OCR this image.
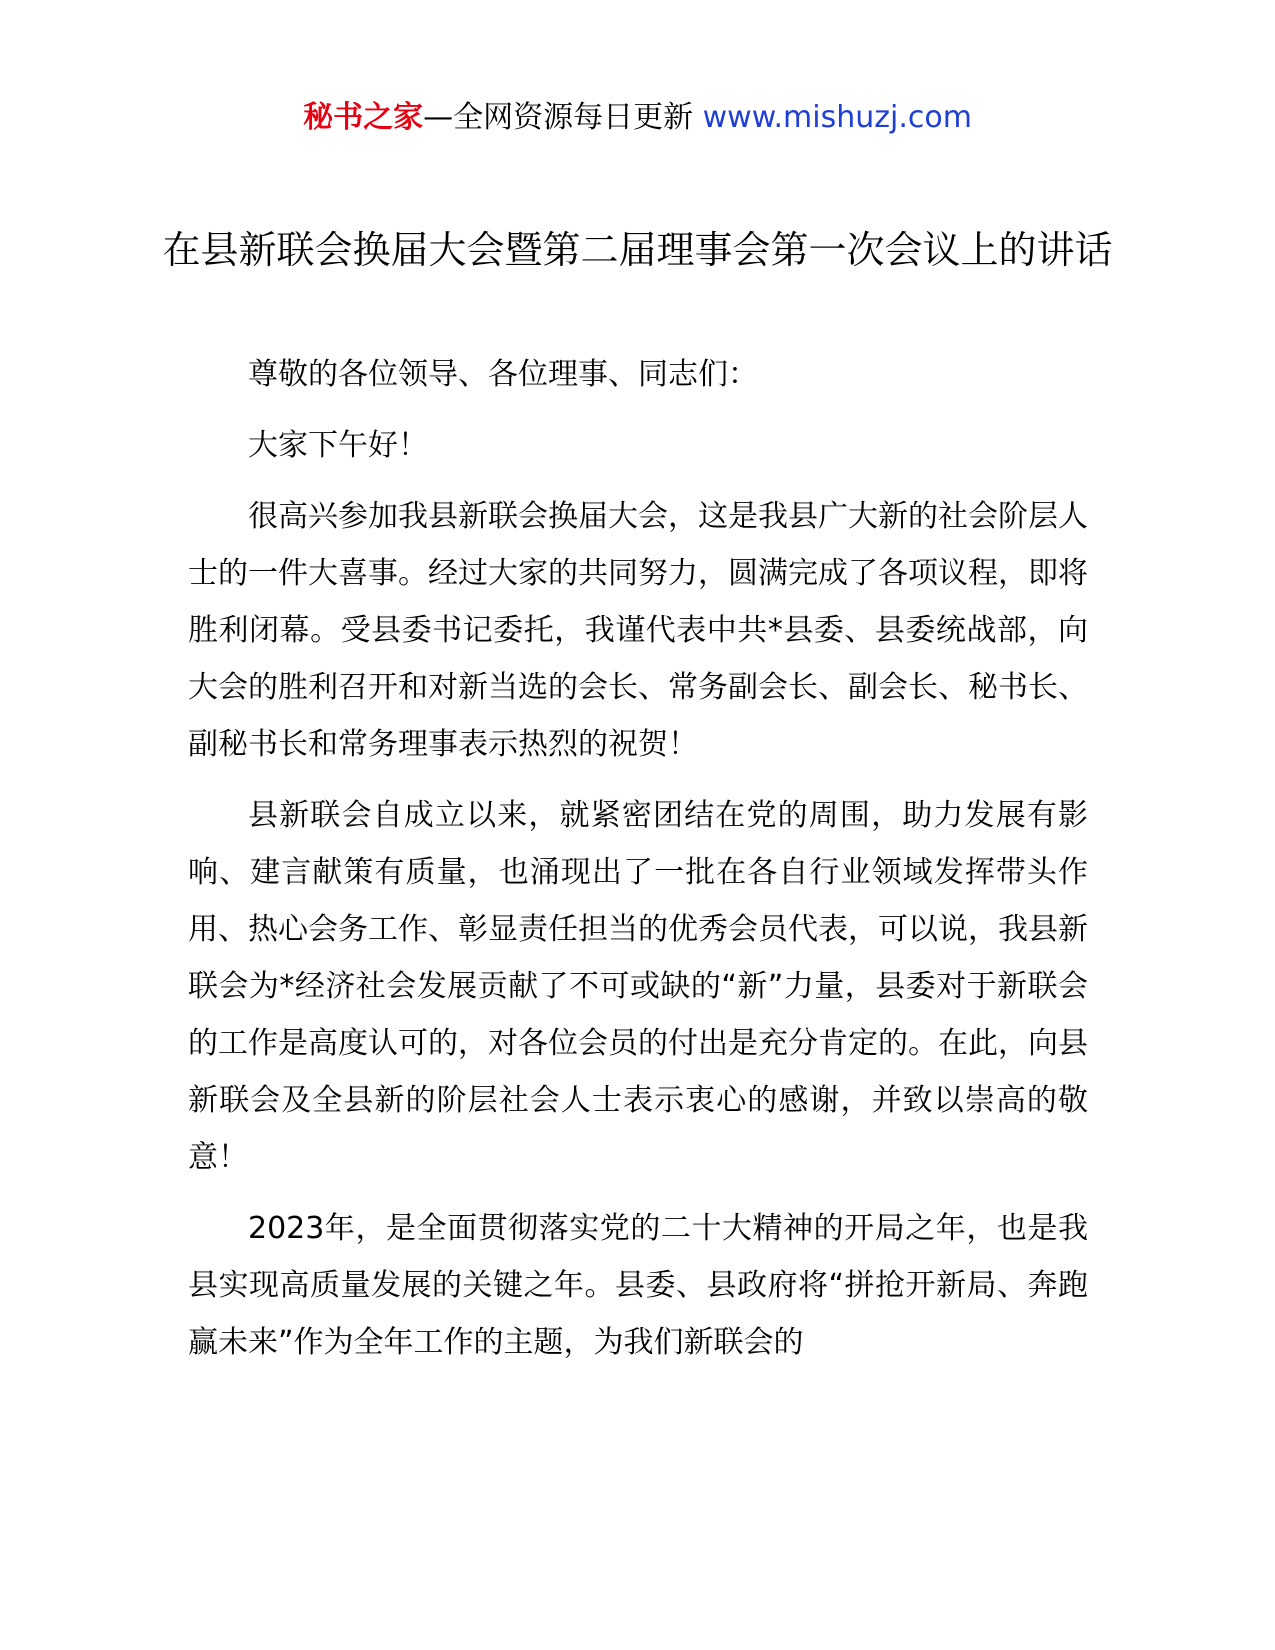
秘书之家—全网资源每日更新 www.mishuzj.com
在县新联会换届大会暨第二届理事会第一次会议上的讲话

尊敬的各位领导、各位理事、同志们：

大家下午好！

很高兴参加我县新联会换届大会，这是我县广大新的社会阶层人士的一件大喜事。经过大家的共同努力，圆满完成了各项议程，即将胜利闭幕。受县委书记委托，我谨代表中共*县委、县委统战部，向大会的胜利召开和对新当选的会长、常务副会长、副会长、秘书长、副秘书长和常务理事表示热烈的祝贺！

县新联会自成立以来，就紧密团结在党的周围，助力发展有影响、建言献策有质量，也涌现出了一批在各自行业领域发挥带头作用、热心会务工作、彰显责任担当的优秀会员代表，可以说，我县新联会为*经济社会发展贡献了不可或缺的“新”力量，县委对于新联会的工作是高度认可的，对各位会员的付出是充分肯定的。在此，向县新联会及全县新的阶层社会人士表示衷心的感谢，并致以崇高的敬意！

2023年，是全面贯彻落实党的二十大精神的开局之年，也是我县实现高质量发展的关键之年。县委、县政府将“拼抢开新局、奔跑赢未来”作为全年工作的主题，为我们新联会的
